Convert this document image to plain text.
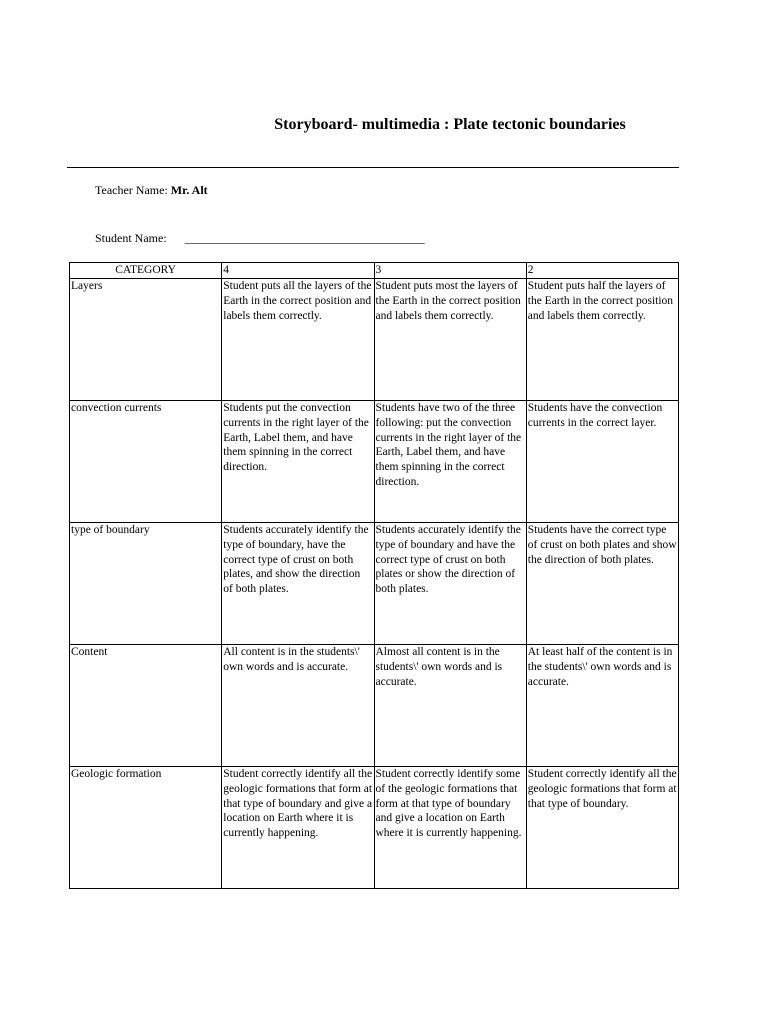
Storyboard- multimedia : Plate tectonic boundaries
Teacher Name: Mr. Alt
Student Name: ________________________________________
CATEGORY	4	3	2
Layers	Student puts all the layers of the Earth in the correct position and labels them correctly.	Student puts most the layers of the Earth in the correct position and labels them correctly.	Student puts half the layers of the Earth in the correct position and labels them correctly.
convection currents	Students put the convection currents in the right layer of the Earth, Label them, and have them spinning in the correct direction.	Students have two of the three following: put the convection currents in the right layer of the Earth, Label them, and have them spinning in the correct direction.	Students have the convection currents in the correct layer.
type of boundary	Students accurately identify the type of boundary, have the correct type of crust on both plates, and show the direction of both plates.	Students accurately identify the type of boundary and have the correct type of crust on both plates or show the direction of both plates.	Students have the correct type of crust on both plates and show the direction of both plates.
Content	All content is in the students\' own words and is accurate.	Almost all content is in the students\' own words and is accurate.	At least half of the content is in the students\' own words and is accurate.
Geologic formation	Student correctly identify all the geologic formations that form at that type of boundary and give a location on Earth where it is currently happening.	Student correctly identify some of the geologic formations that form at that type of boundary and give a location on Earth where it is currently happening.	Student correctly identify all the geologic formations that form at that type of boundary.
